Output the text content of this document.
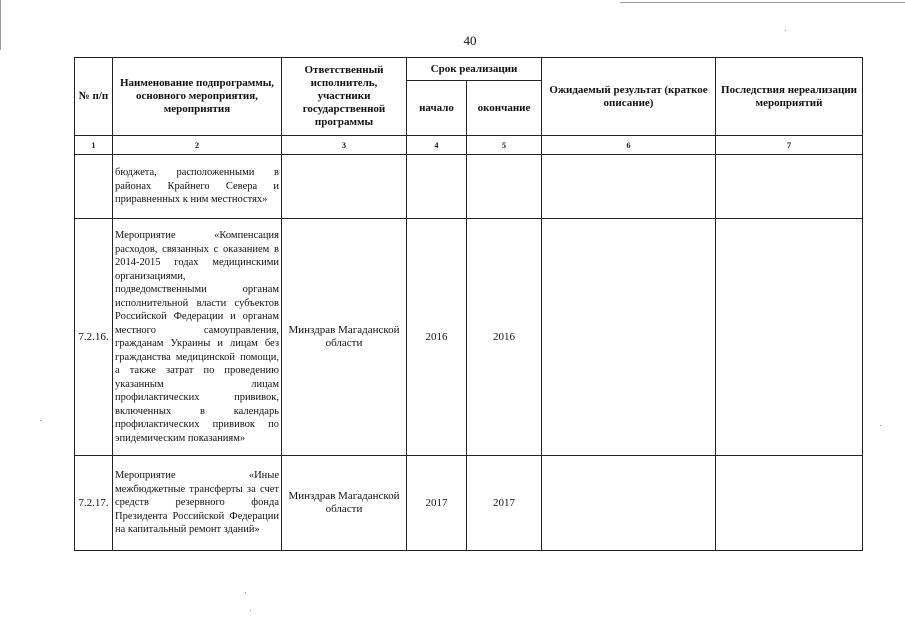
40
№ п/п	Наименование подпрограммы, основного мероприятия, мероприятия	Ответственный исполнитель, участники государственной программы	Срок реализации		Ожидаемый результат (краткое описание)	Последствия нереализации мероприятий
			начало	окончание		
1	2	3	4	5	6	7
	бюджета, расположенными в районах Крайнего Севера и приравненных к ним местностях»					
7.2.16.	Мероприятие «Компенсация расходов, связанных с оказанием в 2014-2015 годах медицинскими организациями, подведомственными органам исполнительной власти субъектов Российской Федерации и органам местного самоуправления, гражданам Украины и лицам без гражданства медицинской помощи, а также затрат по проведению указанным лицам профилактических прививок, включенных в календарь профилактических прививок по эпидемическим показаниям»	Минздрав Магаданской области	2016	2016		
7.2.17.	Мероприятие «Иные межбюджетные трансферты за счет средств резервного фонда Президента Российской Федерации на капитальный ремонт зданий»	Минздрав Магаданской области	2017	2017		
